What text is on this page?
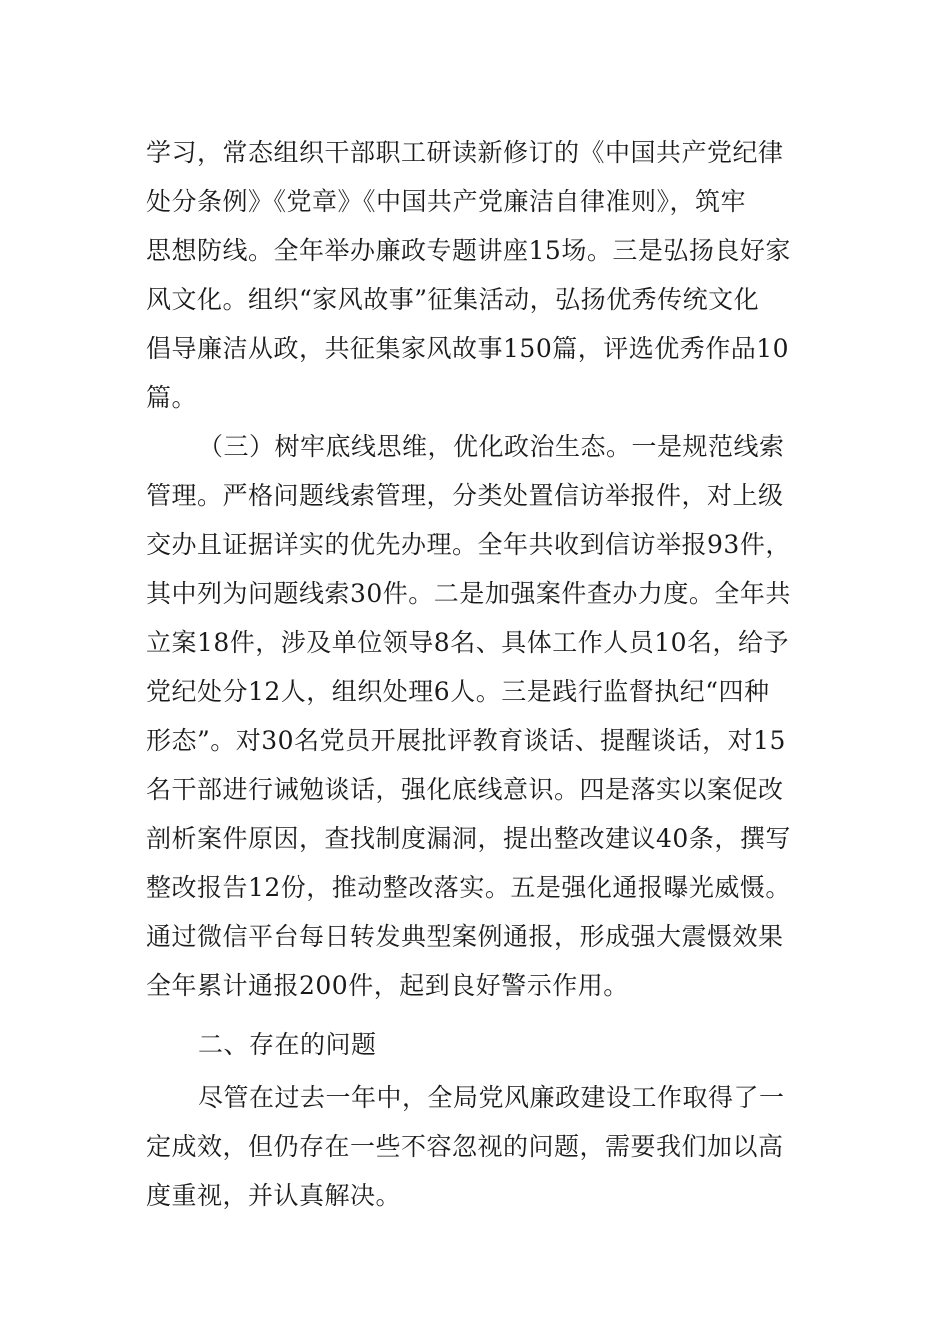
学习，常态组织干部职工研读新修订的《中国共产党纪律
处分条例》《党章》《中国共产党廉洁自律准则》，筑牢
思想防线。全年举办廉政专题讲座15场。三是弘扬良好家
风文化。组织“家风故事”征集活动，弘扬优秀传统文化
倡导廉洁从政，共征集家风故事150篇，评选优秀作品10
篇。
（三）树牢底线思维，优化政治生态。一是规范线索
管理。严格问题线索管理，分类处置信访举报件，对上级
交办且证据详实的优先办理。全年共收到信访举报93件，
其中列为问题线索30件。二是加强案件查办力度。全年共
立案18件，涉及单位领导8名、具体工作人员10名，给予
党纪处分12人，组织处理6人。三是践行监督执纪“四种
形态”。对30名党员开展批评教育谈话、提醒谈话，对15
名干部进行诫勉谈话，强化底线意识。四是落实以案促改
剖析案件原因，查找制度漏洞，提出整改建议40条，撰写
整改报告12份，推动整改落实。五是强化通报曝光威慑。
通过微信平台每日转发典型案例通报，形成强大震慑效果
全年累计通报200件，起到良好警示作用。
二、存在的问题
尽管在过去一年中，全局党风廉政建设工作取得了一
定成效，但仍存在一些不容忽视的问题，需要我们加以高
度重视，并认真解决。
